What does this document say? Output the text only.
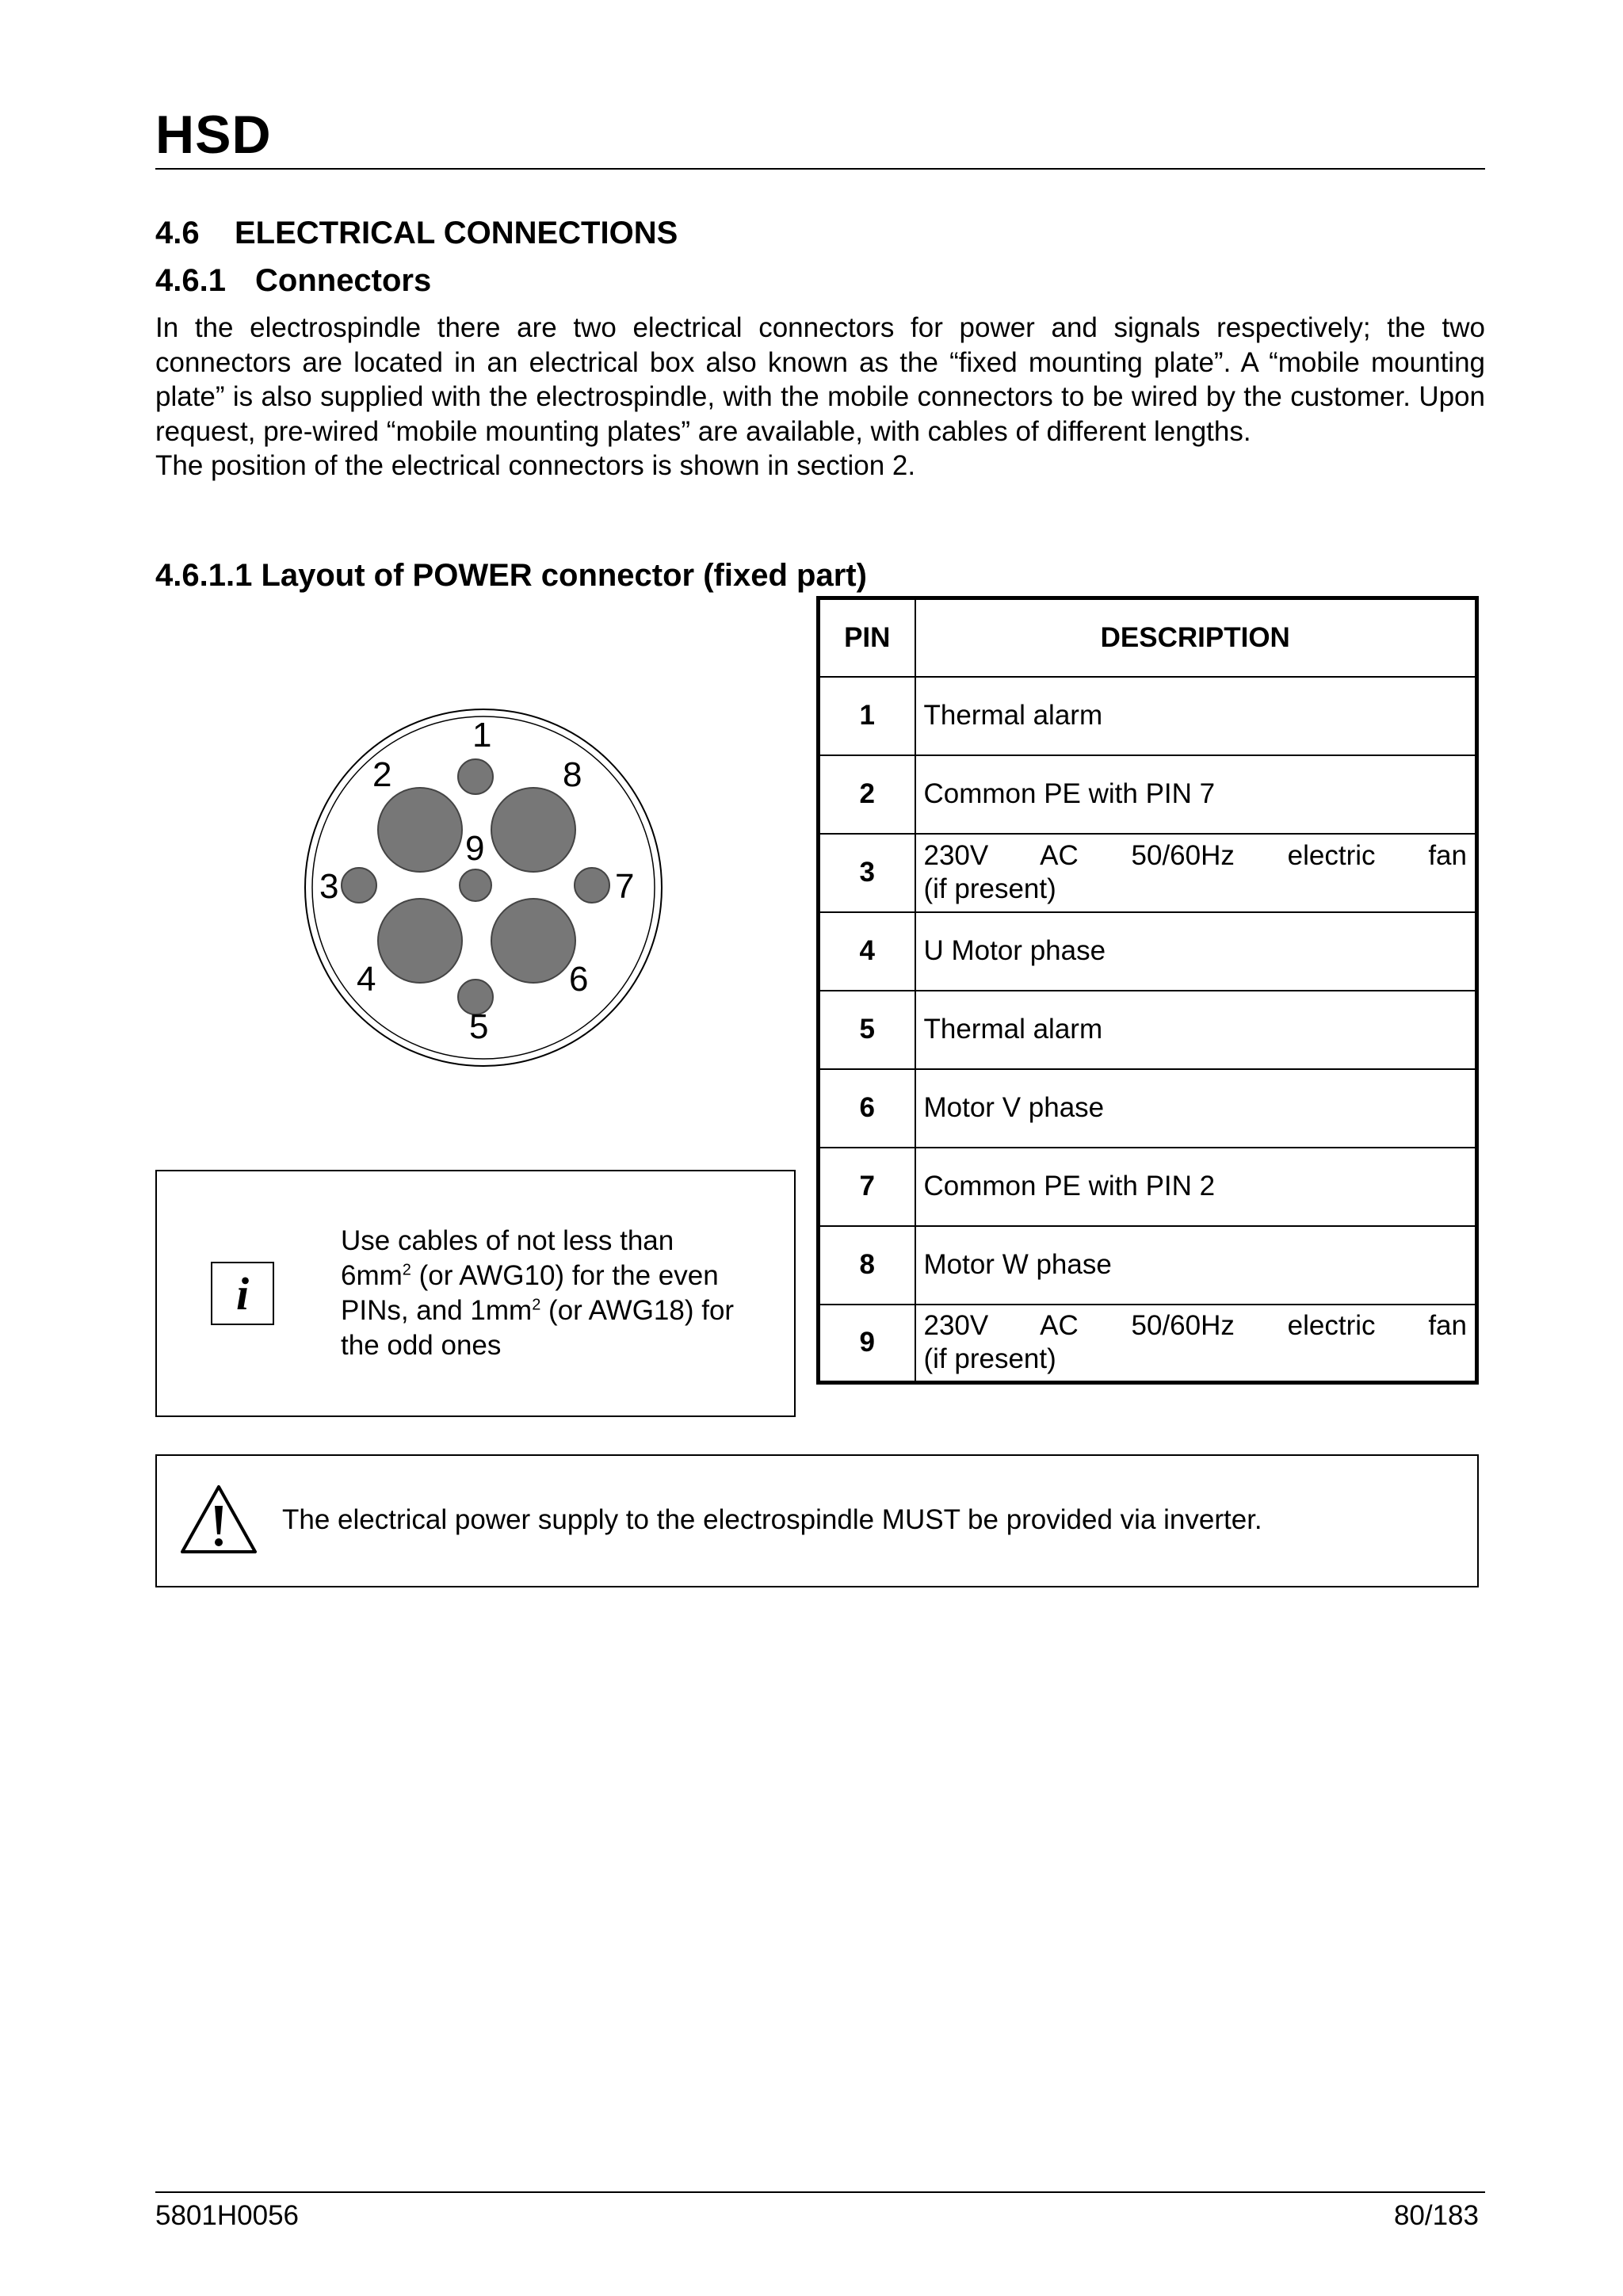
HSD
4.6 ELECTRICAL CONNECTIONS
4.6.1 Connectors

In the electrospindle there are two electrical connectors for power and signals respectively; the two connectors are located in an electrical box also known as the “fixed mounting plate”. A “mobile mounting plate” is also supplied with the electrospindle, with the mobile connectors to be wired by the customer. Upon request, pre-wired “mobile mounting plates” are available, with cables of different lengths.

The position of the electrical connectors is shown in section 2.

4.6.1.1 Layout of POWER connector (fixed part)
1
2
3
4
5
6
7
8
9
PIN	DESCRIPTION
1	Thermal alarm
2	Common PE with PIN 7
3	230V AC 50/60Hz electric fan
(if present)

4	U Motor phase
5	Thermal alarm
6	Motor V phase
7	Common PE with PIN 2
8	Motor W phase
9	230V AC 50/60Hz electric fan
(if present)
i
Use cables of not less than
$6mm^2$ (or AWG10) for the even
PINs, and $1mm^2$ (or AWG18) for
the odd ones
The electrical power supply to the electrospindle MUST be provided via inverter.
5801H0056	80/183
